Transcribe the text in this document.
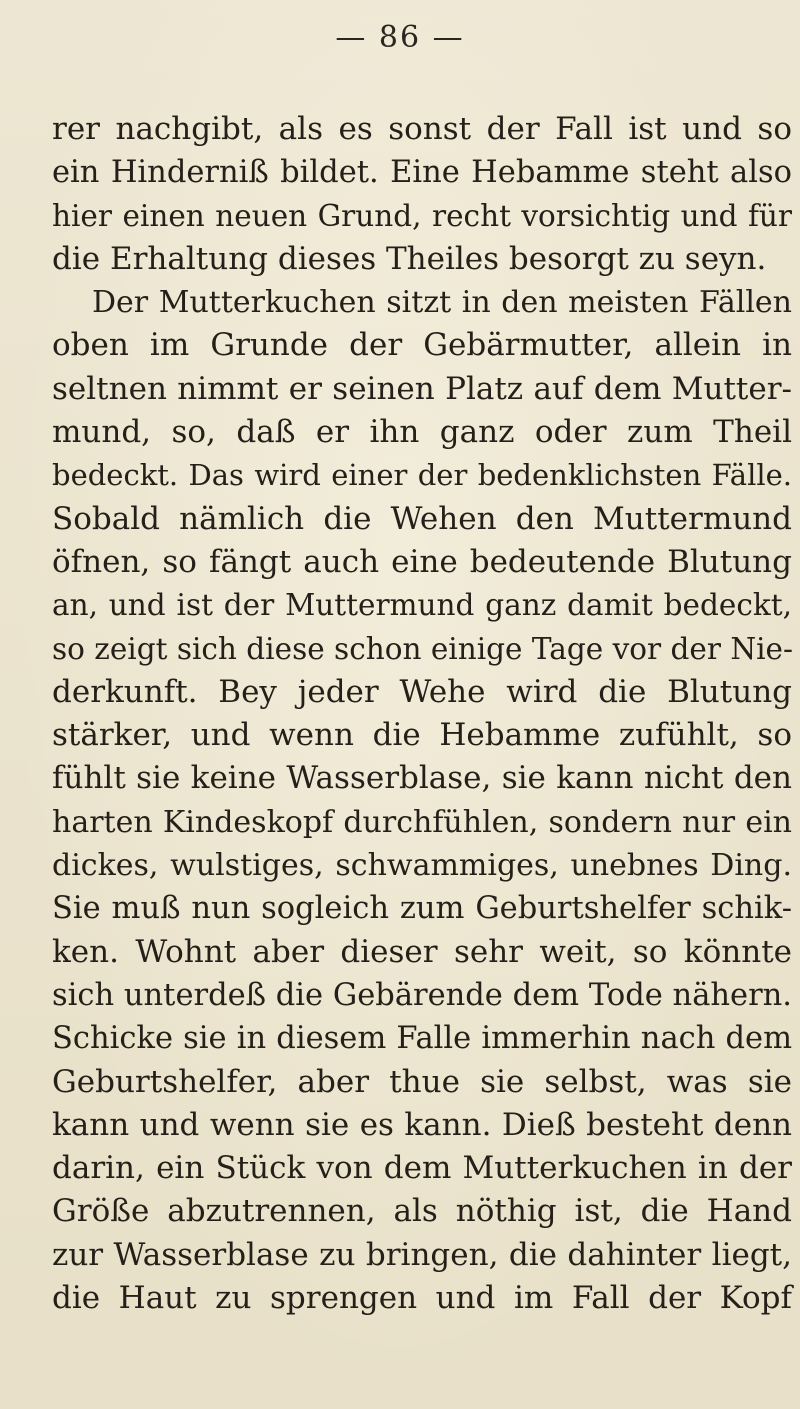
— 86 —
rer nachgibt, als es sonst der Fall ist und so
ein Hinderniß bildet. Eine Hebamme steht also
hier einen neuen Grund, recht vorsichtig und für
die Erhaltung dieses Theiles besorgt zu seyn.
Der Mutterkuchen sitzt in den meisten Fällen
oben im Grunde der Gebärmutter, allein in
seltnen nimmt er seinen Platz auf dem Mutter-
mund, so, daß er ihn ganz oder zum Theil
bedeckt. Das wird einer der bedenklichsten Fälle.
Sobald nämlich die Wehen den Muttermund
öfnen, so fängt auch eine bedeutende Blutung
an, und ist der Muttermund ganz damit bedeckt,
so zeigt sich diese schon einige Tage vor der Nie-
derkunft. Bey jeder Wehe wird die Blutung
stärker, und wenn die Hebamme zufühlt, so
fühlt sie keine Wasserblase, sie kann nicht den
harten Kindeskopf durchfühlen, sondern nur ein
dickes, wulstiges, schwammiges, unebnes Ding.
Sie muß nun sogleich zum Geburtshelfer schik-
ken. Wohnt aber dieser sehr weit, so könnte
sich unterdeß die Gebärende dem Tode nähern.
Schicke sie in diesem Falle immerhin nach dem
Geburtshelfer, aber thue sie selbst, was sie
kann und wenn sie es kann. Dieß besteht denn
darin, ein Stück von dem Mutterkuchen in der
Größe abzutrennen, als nöthig ist, die Hand
zur Wasserblase zu bringen, die dahinter liegt,
die Haut zu sprengen und im Fall der Kopf
